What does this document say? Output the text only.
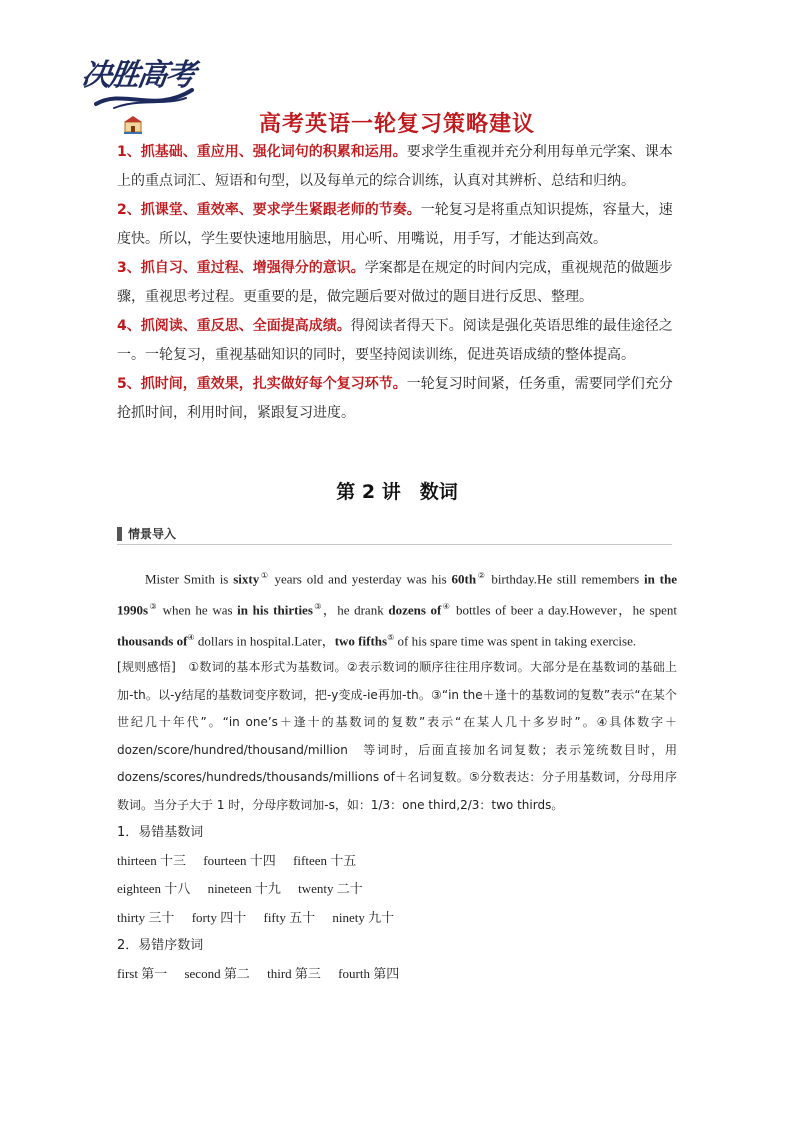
决胜高考
高考英语一轮复习策略建议

1、抓基础、重应用、强化词句的积累和运用。要求学生重视并充分利用每单元学案、课本上的重点词汇、短语和句型，以及每单元的综合训练，认真对其辨析、总结和归纳。

2、抓课堂、重效率、要求学生紧跟老师的节奏。一轮复习是将重点知识提炼，容量大，速度快。所以，学生要快速地用脑思，用心听、用嘴说，用手写，才能达到高效。

3、抓自习、重过程、增强得分的意识。学案都是在规定的时间内完成，重视规范的做题步骤，重视思考过程。更重要的是，做完题后要对做过的题目进行反思、整理。

4、抓阅读、重反思、全面提高成绩。得阅读者得天下。阅读是强化英语思维的最佳途径之一。一轮复习，重视基础知识的同时，要坚持阅读训练，促进英语成绩的整体提高。

5、抓时间，重效果，扎实做好每个复习环节。一轮复习时间紧，任务重，需要同学们充分抢抓时间，利用时间，紧跟复习进度。

第 2 讲　数词
情景导入

Mister Smith is sixty① years old and yesterday was his 60th② birthday.He still remembers in the 1990s③ when he was in his thirties③，he drank dozens of④ bottles of beer a day.However，he spent thousands of④ dollars in hospital.Later，two fifths⑤ of his spare time was spent in taking exercise.

[规则感悟]　①数词的基本形式为基数词。②表示数词的顺序往往用序数词。大部分是在基数词的基础上加-th。以-y结尾的基数词变序数词，把-y变成-ie再加-th。③“in the＋逢十的基数词的复数”表示“在某个世纪几十年代”。“in one’s＋逢十的基数词的复数”表示“在某人几十多岁时”。④具体数字＋dozen/score/hundred/thousand/million　等词时，后面直接加名词复数；表示笼统数目时，用 dozens/scores/hundreds/thousands/millions of＋名词复数。⑤分数表达：分子用基数词，分母用序数词。当分子大于 1 时，分母序数词加-s，如：1/3：one third,2/3：two thirds。

1．易错基数词

thirteen 十三 fourteen 十四 fifteen 十五

eighteen 十八 nineteen 十九 twenty 二十

thirty 三十 forty 四十 fifty 五十 ninety 九十

2．易错序数词

first 第一 second 第二 third 第三 fourth 第四
